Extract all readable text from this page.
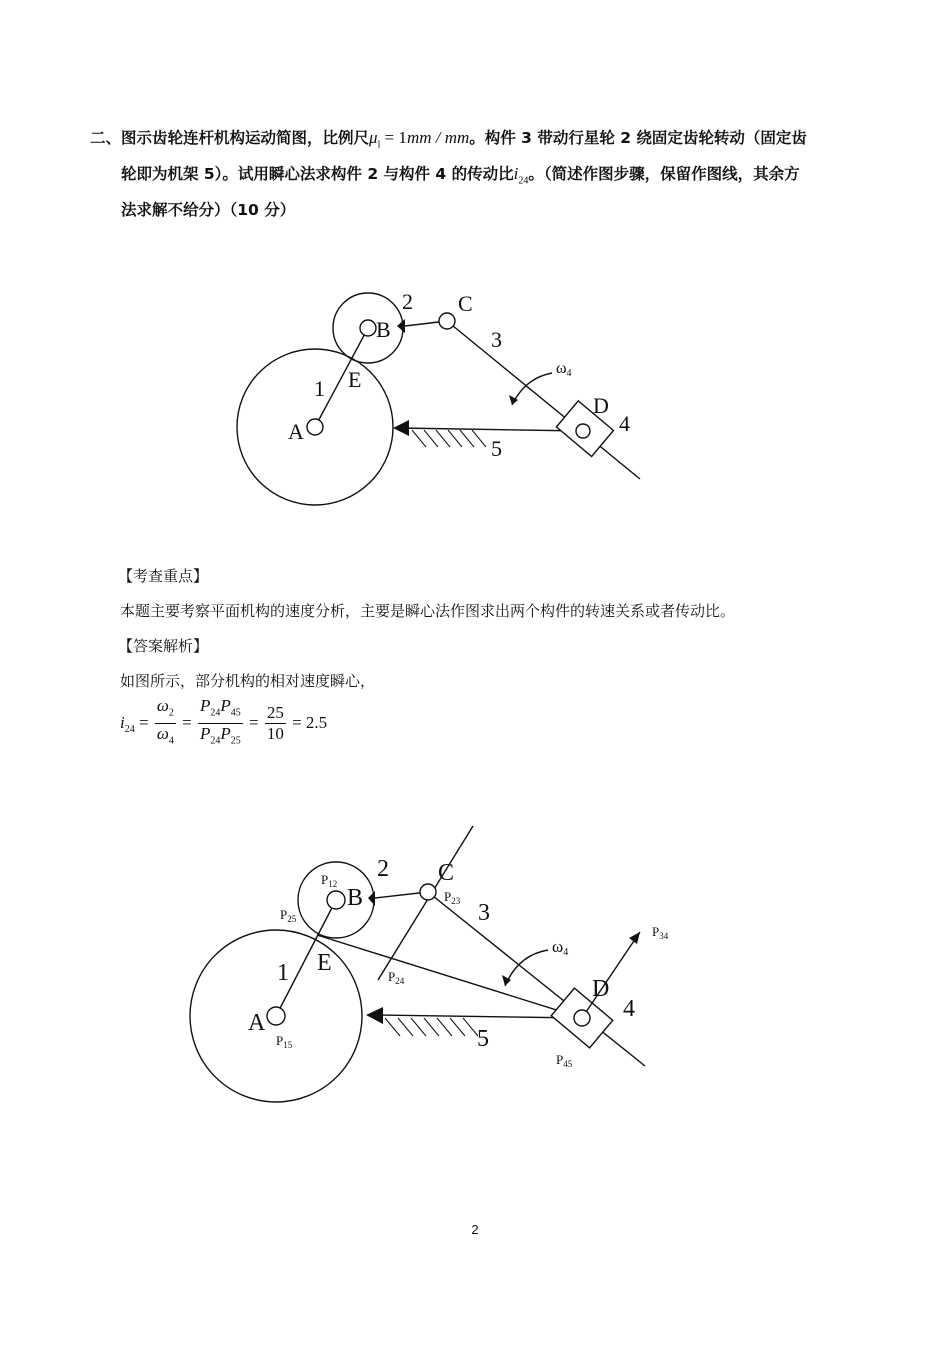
二、图示齿轮连杆机构运动简图，比例尺$\mu_l = 1mm$ / mm。构件 3 带动行星轮 2 绕固定齿轮转动（固定齿
轮即为机架 5）。试用瞬心法求构件 2 与构件 4 的传动比$i_{24}$。（简述作图步骤，保留作图线，其余方
法求解不给分）（10 分）
A
B
C
D
E
1
2
3
4
5
ω4
【考查重点】
本题主要考察平面机构的速度分析，主要是瞬心法作图求出两个构件的转速关系或者传动比。
【答案解析】
如图所示，部分机构的相对速度瞬心，
$i_{24} = \frac{\omega_2}{\omega_4} = \frac{P_{24}P_{45}}{P_{24}P_{25}} = \frac{25}{10} = 2.5$
A
B
C
D
E
1
2
3
4
5
ω4
$P_{12}$
$P_{25}$
$P_{23}$
$P_{34}$
$P_{24}$
$P_{15}$
$P_{45}$
2
